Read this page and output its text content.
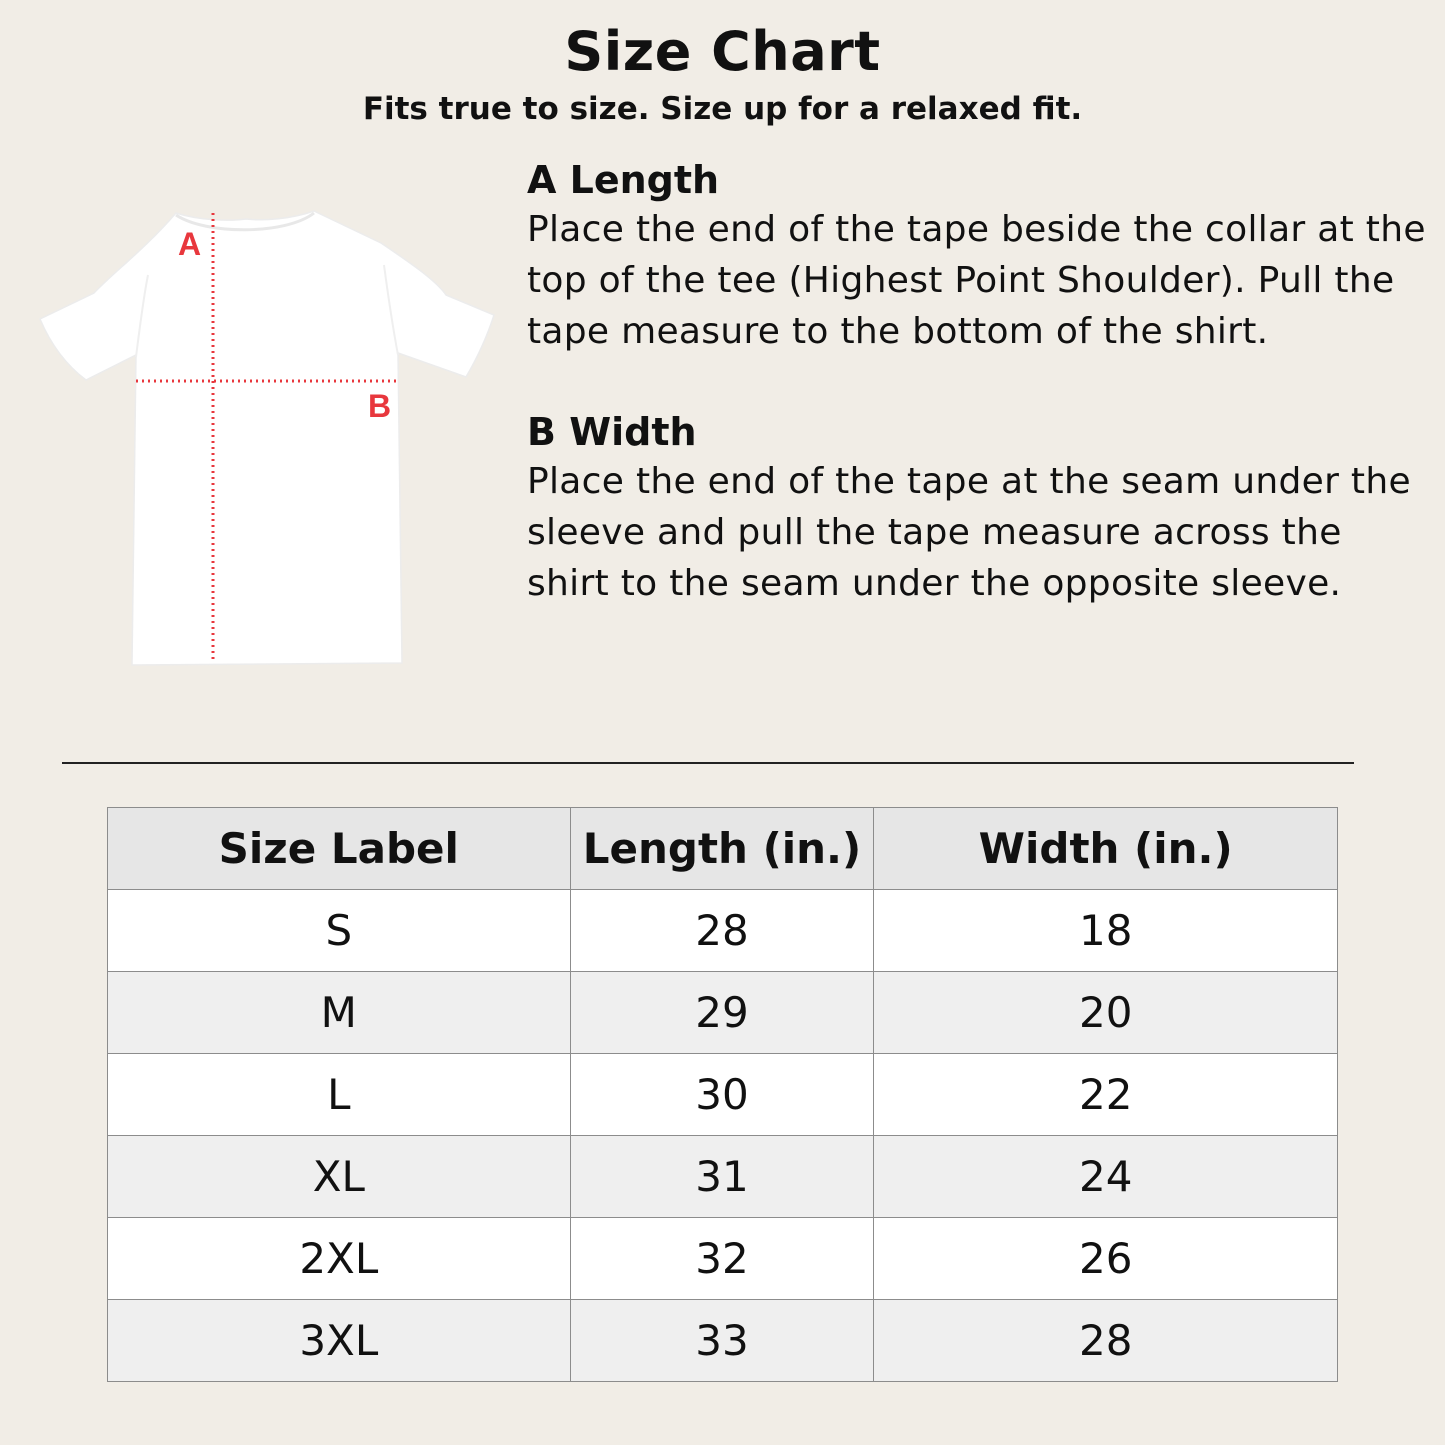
Size Chart
Fits true to size. Size up for a relaxed fit.
A
B

A Length

Place the end of the tape beside the collar at the top of the tee (Highest Point Shoulder). Pull the tape measure to the bottom of the shirt.

B Width

Place the end of the tape at the seam under the sleeve and pull the tape measure across the shirt to the seam under the opposite sleeve.

Size Label	Length (in.)	Width (in.)
S	28	18
M	29	20
L	30	22
XL	31	24
2XL	32	26
3XL	33	28
